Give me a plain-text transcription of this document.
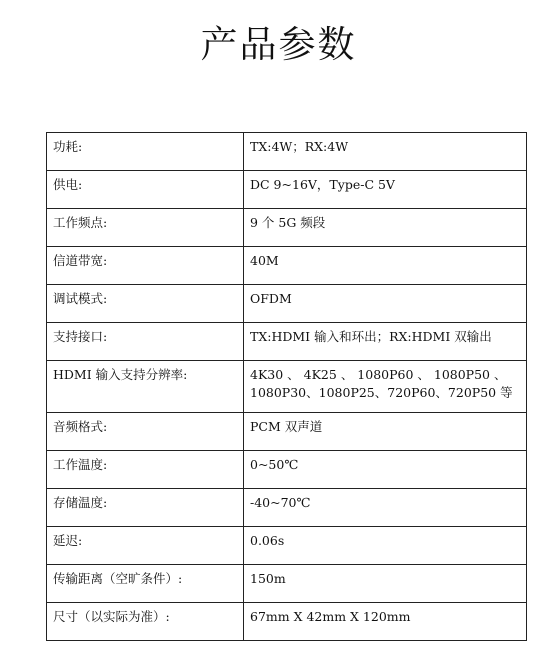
产品参数
功耗:	TX:4W；RX:4W
供电:	DC 9~16V，Type-C 5V
工作频点:	9 个 5G 频段
信道带宽:	40M
调试模式:	OFDM
支持接口:	TX:HDMI 输入和环出；RX:HDMI 双输出
HDMI 输入支持分辨率:	4K30 、 4K25 、 1080P60 、 1080P50 、 1080P30、1080P25、720P60、720P50 等
音频格式:	PCM 双声道
工作温度:	0~50℃
存储温度:	-40~70℃
延迟:	0.06s
传输距离（空旷条件）:	150m
尺寸（以实际为准）:	67mm X 42mm X 120mm
